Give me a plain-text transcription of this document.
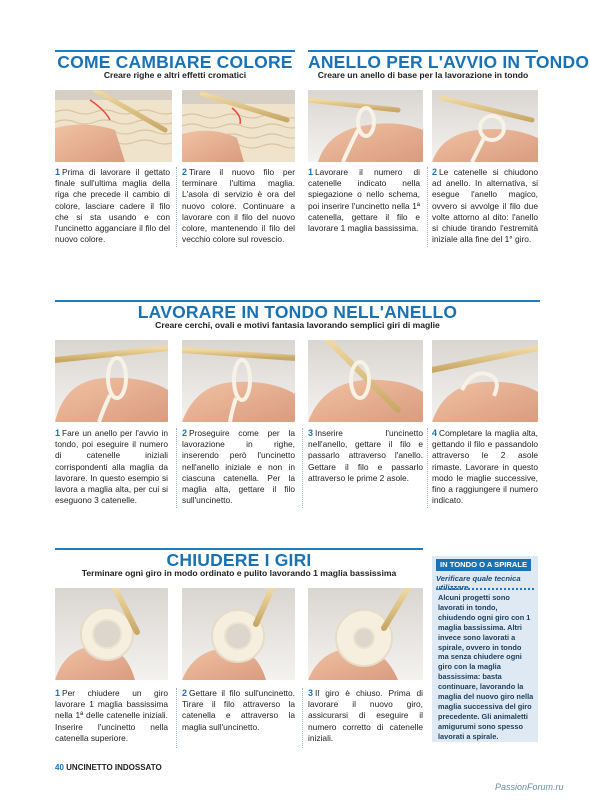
COME CAMBIARE COLORE
Creare righe e altri effetti cromatici
1 Prima di lavorare il gettato finale sull'ultima maglia della riga che precede il cambio di colore, lasciare cadere il filo che si sta usando e con l'uncinetto agganciare il filo del nuovo colore.
2 Tirare il nuovo filo per terminare l'ultima maglia. L'asola di servizio è ora del nuovo colore. Continuare a lavorare con il filo del nuovo colore, mantenendo il filo del vecchio colore sul rovescio.
ANELLO PER L'AVVIO IN TONDO
Creare un anello di base per la lavorazione in tondo
1 Lavorare il numero di catenelle indicato nella spiegazione o nello schema, poi inserire l'uncinetto nella 1ª catenella, gettare il filo e lavorare 1 maglia bassissima.
2 Le catenelle si chiudono ad anello. In alternativa, si esegue l'anello magico, ovvero si avvolge il filo due volte attorno al dito: l'anello si chiude tirando l'estremità iniziale alla fine del 1° giro.
LAVORARE IN TONDO NELL'ANELLO
Creare cerchi, ovali e motivi fantasia lavorando semplici giri di maglie
1 Fare un anello per l'avvio in tondo, poi eseguire il numero di catenelle iniziali corrispondenti alla maglia da lavorare. In questo esempio si lavora a maglia alta, per cui si eseguono 3 catenelle.
2 Proseguire come per la lavorazione in righe, inserendo però l'uncinetto nell'anello iniziale e non in ciascuna catenella. Per la maglia alta, gettare il filo sull'uncinetto.
3 Inserire l'uncinetto nell'anello, gettare il filo e passarlo attraverso l'anello. Gettare il filo e passarlo attraverso le prime 2 asole.
4 Completare la maglia alta, gettando il filo e passandolo attraverso le 2 asole rimaste. Lavorare in questo modo le maglie successive, fino a raggiungere il numero indicato.
CHIUDERE I GIRI
Terminare ogni giro in modo ordinato e pulito lavorando 1 maglia bassissima
1 Per chiudere un giro lavorare 1 maglia bassissima nella 1ª delle catenelle iniziali. Inserire l'uncinetto nella catenella superiore.
2 Gettare il filo sull'uncinetto. Tirare il filo attraverso la catenella e attraverso la maglia sull'uncinetto.
3 Il giro è chiuso. Prima di lavorare il nuovo giro, assicurarsi di eseguire il numero corretto di catenelle iniziali.
IN TONDO O A SPIRALE
Verificare quale tecnica utilizzare
Alcuni progetti sono lavorati in tondo, chiudendo ogni giro con 1 maglia bassissima. Altri invece sono lavorati a spirale, ovvero in tondo ma senza chiudere ogni giro con la maglia bassissima: basta continuare, lavorando la maglia del nuovo giro nella maglia successiva del giro precedente. Gli animaletti amigurumi sono spesso lavorati a spirale.
40 UNCINETTO INDOSSATO
PassionForum.ru
